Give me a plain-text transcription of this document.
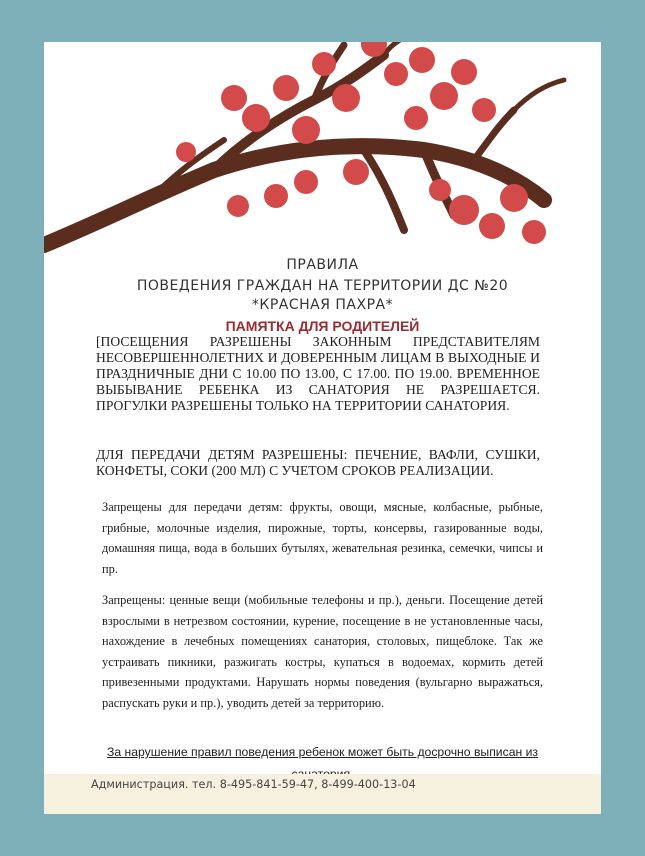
ПРАВИЛА
ПОВЕДЕНИЯ ГРАЖДАН НА ТЕРРИТОРИИ ДС №20
*КРАСНАЯ ПАХРА*
ПАМЯТКА ДЛЯ РОДИТЕЛЕЙ
[ПОСЕЩЕНИЯ РАЗРЕШЕНЫ ЗАКОННЫМ ПРЕДСТАВИТЕЛЯМ НЕСОВЕРШЕННОЛЕТНИХ И ДОВЕРЕННЫМ ЛИЦАМ В ВЫХОДНЫЕ И ПРАЗДНИЧНЫЕ ДНИ С 10.00 ПО 13.00, С 17.00. ПО 19.00. ВРЕМЕННОЕ ВЫБЫВАНИЕ РЕБЕНКА ИЗ САНАТОРИЯ НЕ РАЗРЕШАЕТСЯ. ПРОГУЛКИ РАЗРЕШЕНЫ ТОЛЬКО НА ТЕРРИТОРИИ САНАТОРИЯ.
ДЛЯ ПЕРЕДАЧИ ДЕТЯМ РАЗРЕШЕНЫ: ПЕЧЕНИЕ, ВАФЛИ, СУШКИ, КОНФЕТЫ, СОКИ (200 МЛ) С УЧЕТОМ СРОКОВ РЕАЛИЗАЦИИ.
Запрещены для передачи детям: фрукты, овощи, мясные, колбасные, рыбные, грибные, молочные изделия, пирожные, торты, консервы, газированные воды, домашняя пища, вода в больших бутылях, жевательная резинка, семечки, чипсы и пр.
Запрещены: ценные вещи (мобильные телефоны и пр.), деньги. Посещение детей взрослыми в нетрезвом состоянии, курение, посещение в не установленные часы, нахождение в лечебных помещениях санатория, столовых, пищеблоке. Так же устраивать пикники, разжигать костры, купаться в водоемах, кормить детей привезенными продуктами. Нарушать нормы поведения (вульгарно выражаться, распускать руки и пр.), уводить детей за территорию.
За нарушение правил поведения ребенок может быть досрочно выписан из
Администрация. тел. 8-495-841-59-47, 8-499-400-13-04
